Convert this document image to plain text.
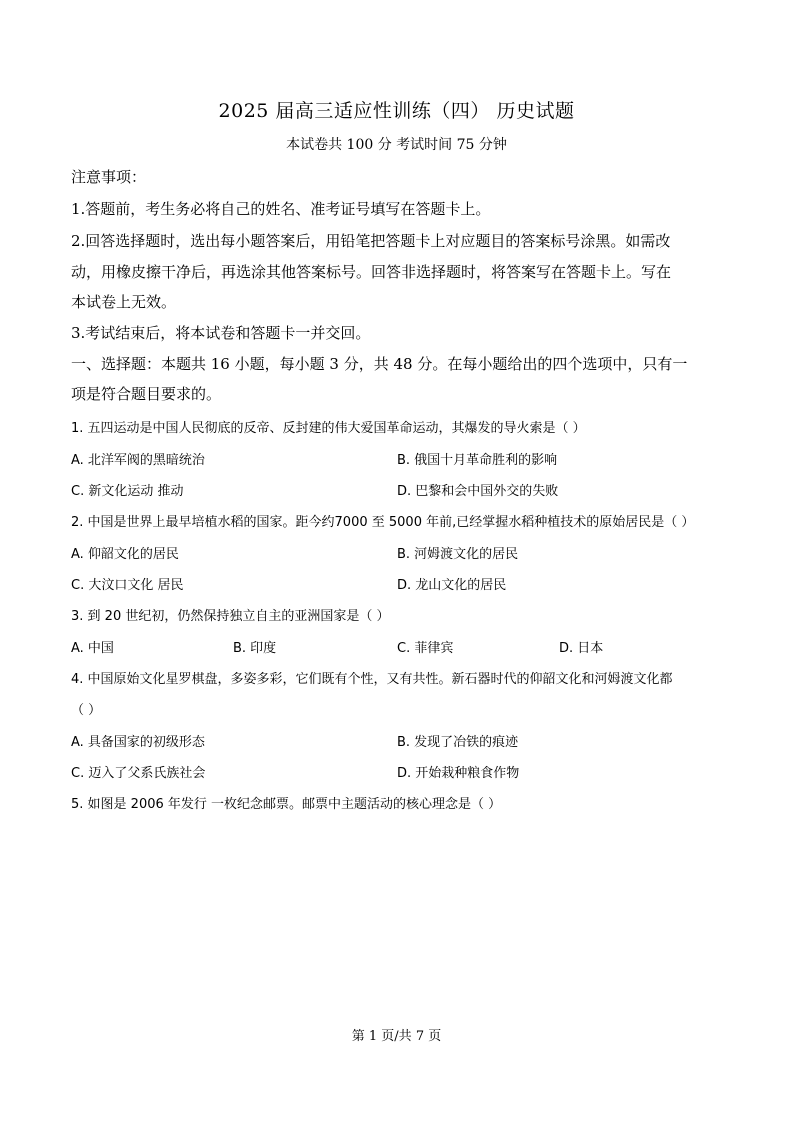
2025 届高三适应性训练（四） 历史试题
本试卷共 100 分 考试时间 75 分钟
注意事项：
1.答题前，考生务必将自己的姓名、准考证号填写在答题卡上。
2.回答选择题时，选出每小题答案后，用铅笔把答题卡上对应题目的答案标号涂黑。如需改
动，用橡皮擦干净后，再选涂其他答案标号。回答非选择题时，将答案写在答题卡上。写在
本试卷上无效。
3.考试结束后，将本试卷和答题卡一并交回。
一、选择题：本题共 16 小题，每小题 3 分，共 48 分。在每小题给出的四个选项中，只有一
项是符合题目要求的。
1. 五四运动是中国人民彻底的反帝、反封建的伟大爱国革命运动，其爆发的导火索是（ ）
A. 北洋军阀的黑暗统治	B. 俄国十月革命胜利的影响
C. 新文化运动 推动	D. 巴黎和会中国外交的失败
2. 中国是世界上最早培植水稻的国家。距今约7000 至 5000 年前,已经掌握水稻种植技术的原始居民是（ ）
A. 仰韶文化的居民	B. 河姆渡文化的居民
C. 大汶口文化 居民	D. 龙山文化的居民
3. 到 20 世纪初，仍然保持独立自主的亚洲国家是（ ）
A. 中国	B. 印度	C. 菲律宾	D. 日本
4. 中国原始文化星罗棋盘，多姿多彩，它们既有个性，又有共性。新石器时代的仰韶文化和河姆渡文化都
（ ）
A. 具备国家的初级形态	B. 发现了冶铁的痕迹
C. 迈入了父系氏族社会	D. 开始栽种粮食作物
5. 如图是 2006 年发行 一枚纪念邮票。邮票中主题活动的核心理念是（ ）
第 1 页/共 7 页
